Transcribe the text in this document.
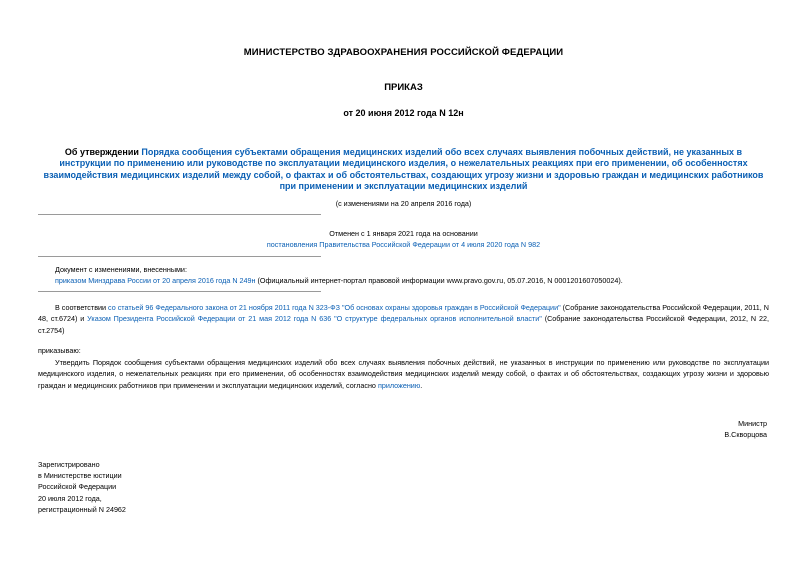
МИНИСТЕРСТВО ЗДРАВООХРАНЕНИЯ РОССИЙСКОЙ ФЕДЕРАЦИИ
ПРИКАЗ
от 20 июня 2012 года N 12н
Об утверждении Порядка сообщения субъектами обращения медицинских изделий обо всех случаях выявления побочных действий, не указанных в инструкции по применению или руководстве по эксплуатации медицинского изделия, о нежелательных реакциях при его применении, об особенностях взаимодействия медицинских изделий между собой, о фактах и об обстоятельствах, создающих угрозу жизни и здоровью граждан и медицинских работников при применении и эксплуатации медицинских изделий
(с изменениями на 20 апреля 2016 года)
Отменен с 1 января 2021 года на основании
постановления Правительства Российской Федерации от 4 июля 2020 года N 982
Документ с изменениями, внесенными:
приказом Минздрава России от 20 апреля 2016 года N 249н (Официальный интернет-портал правовой информации www.pravo.gov.ru, 05.07.2016, N 0001201607050024).
В соответствии со статьей 96 Федерального закона от 21 ноября 2011 года N 323-ФЗ "Об основах охраны здоровья граждан в Российской Федерации" (Собрание законодательства Российской Федерации, 2011, N 48, ст.6724) и Указом Президента Российской Федерации от 21 мая 2012 года N 636 "О структуре федеральных органов исполнительной власти" (Собрание законодательства Российской Федерации, 2012, N 22, ст.2754)
приказываю:
Утвердить Порядок сообщения субъектами обращения медицинских изделий обо всех случаях выявления побочных действий, не указанных в инструкции по применению или руководстве по эксплуатации медицинского изделия, о нежелательных реакциях при его применении, об особенностях взаимодействия медицинских изделий между собой, о фактах и об обстоятельствах, создающих угрозу жизни и здоровью граждан и медицинских работников при применении и эксплуатации медицинских изделий, согласно приложению.
Министр
В.Скворцова
Зарегистрировано
в Министерстве юстиции
Российской Федерации
20 июля 2012 года,
регистрационный N 24962
